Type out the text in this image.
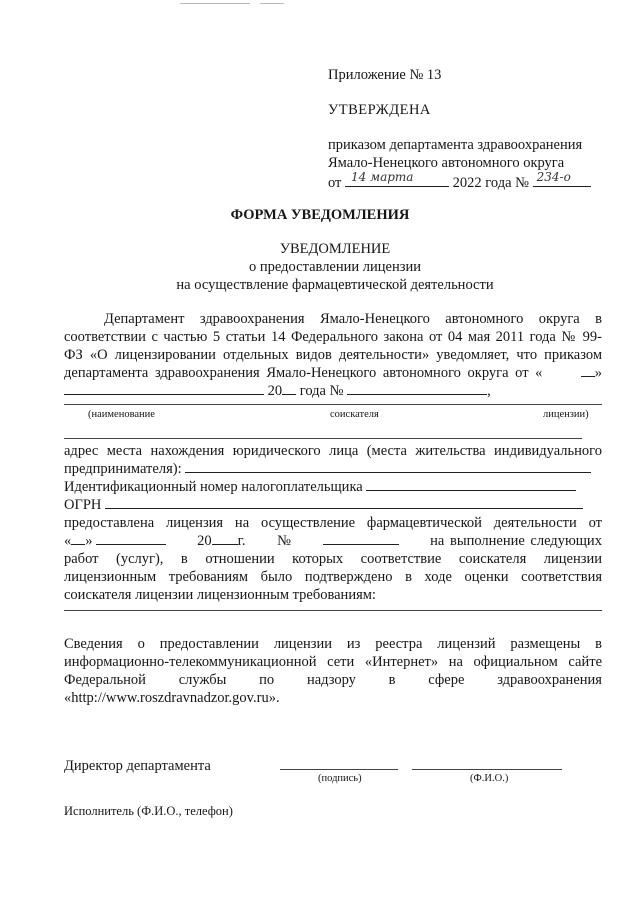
Приложение № 13
УТВЕРЖДЕНА
приказом департамента здравоохранения
Ямало-Ненецкого автономного округа
от 14 марта	2022 года № 234-о
ФОРМА УВЕДОМЛЕНИЯ
УВЕДОМЛЕНИЕ
о предоставлении лицензии
на осуществление фармацевтической деятельности
Департамент здравоохранения Ямало-Ненецкого автономного округа в
соответствии с частью 5 статьи 14 Федерального закона от 04 мая 2011 года № 99-
ФЗ «О лицензировании отдельных видов деятельности» уведомляет, что приказом
департамента здравоохранения Ямало-Ненецкого автономного округа от «	»
20 года №	,
(наименование	соискателя	лицензии)
адрес места нахождения юридического лица (места жительства индивидуального
предпринимателя):
Идентификационный номер налогоплательщика
ОГРН
предоставлена лицензия на осуществление фармацевтической деятельности от
« »	20 г. №	на выполнение следующих
работ (услуг), в отношении которых соответствие соискателя лицензии
лицензионным требованиям было подтверждено в ходе оценки соответствия
соискателя лицензии лицензионным требованиям:
Сведения о предоставлении лицензии из реестра лицензий размещены в
информационно-телекоммуникационной сети «Интернет» на официальном сайте
Федеральной службы по надзору в сфере здравоохранения
«http://www.roszdravnadzor.gov.ru».
Директор департамента
(подпись)	(Ф.И.О.)
Исполнитель (Ф.И.О., телефон)
